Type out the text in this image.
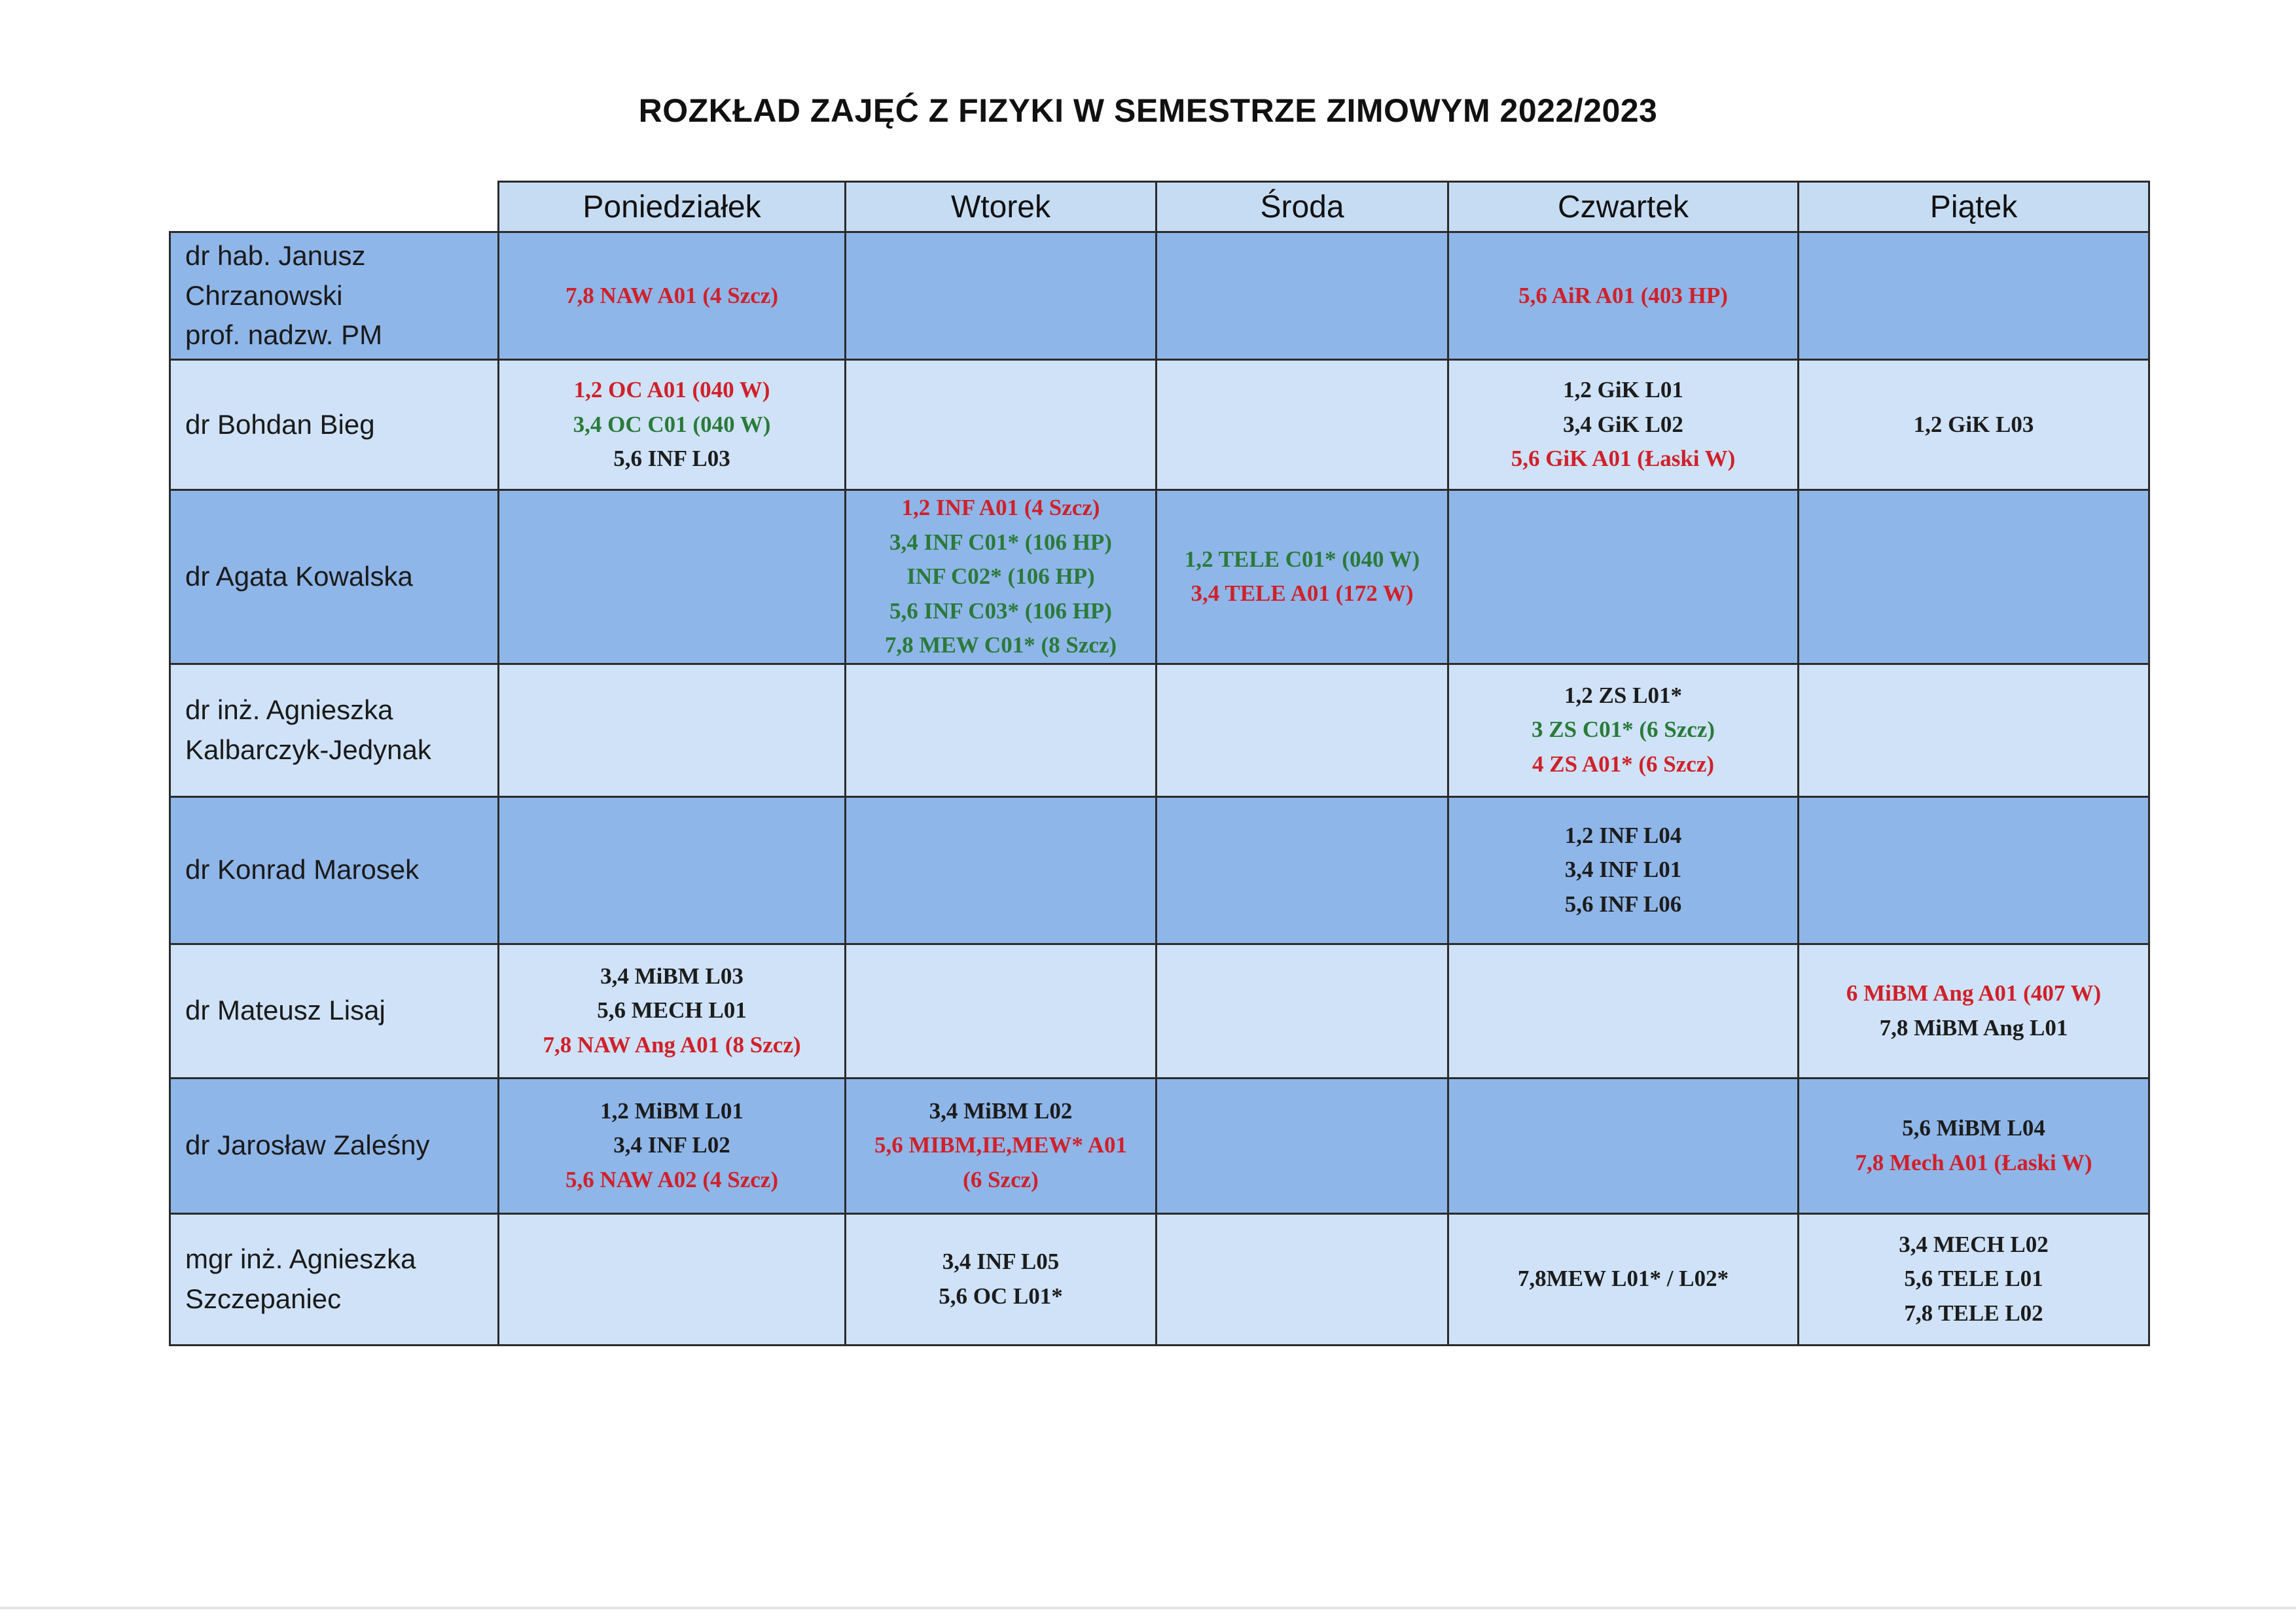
ROZKŁAD ZAJĘĆ Z FIZYKI W SEMESTRZE ZIMOWYM 2022/2023
	Poniedziałek	Wtorek	Środa	Czwartek	Piątek

dr hab. Janusz
Chrzanowski
prof. nadzw. PM	7,8 NAW A01 (4 Szcz)			5,6 AiR A01 (403 HP)	

dr Bohdan Bieg	1,2 OC A01 (040 W)
3,4 OC C01 (040 W)
5,6 INF L03			1,2 GiK L01
3,4 GiK L02
5,6 GiK A01 (Łaski W)	1,2 GiK L03

dr Agata Kowalska		1,2 INF A01 (4 Szcz)
3,4 INF C01* (106 HP)
INF C02* (106 HP)
5,6 INF C03* (106 HP)
7,8 MEW C01* (8 Szcz)	1,2 TELE C01* (040 W)
3,4 TELE A01 (172 W)		

dr inż. Agnieszka
Kalbarczyk-Jedynak				1,2 ZS L01*
3 ZS C01* (6 Szcz)
4 ZS A01* (6 Szcz)	

dr Konrad Marosek				1,2 INF L04
3,4 INF L01
5,6 INF L06	

dr Mateusz Lisaj	3,4 MiBM L03
5,6 MECH L01
7,8 NAW Ang A01 (8 Szcz)				6 MiBM Ang A01 (407 W)
7,8 MiBM Ang L01

dr Jarosław Zaleśny	1,2 MiBM L01
3,4 INF L02
5,6 NAW A02 (4 Szcz)	3,4 MiBM L02
5,6 MIBM,IE,MEW* A01
(6 Szcz)			5,6 MiBM L04
7,8 Mech A01 (Łaski W)

mgr inż. Agnieszka
Szczepaniec		3,4 INF L05
5,6 OC L01*		7,8MEW L01* / L02*	3,4 MECH L02
5,6 TELE L01
7,8 TELE L02
